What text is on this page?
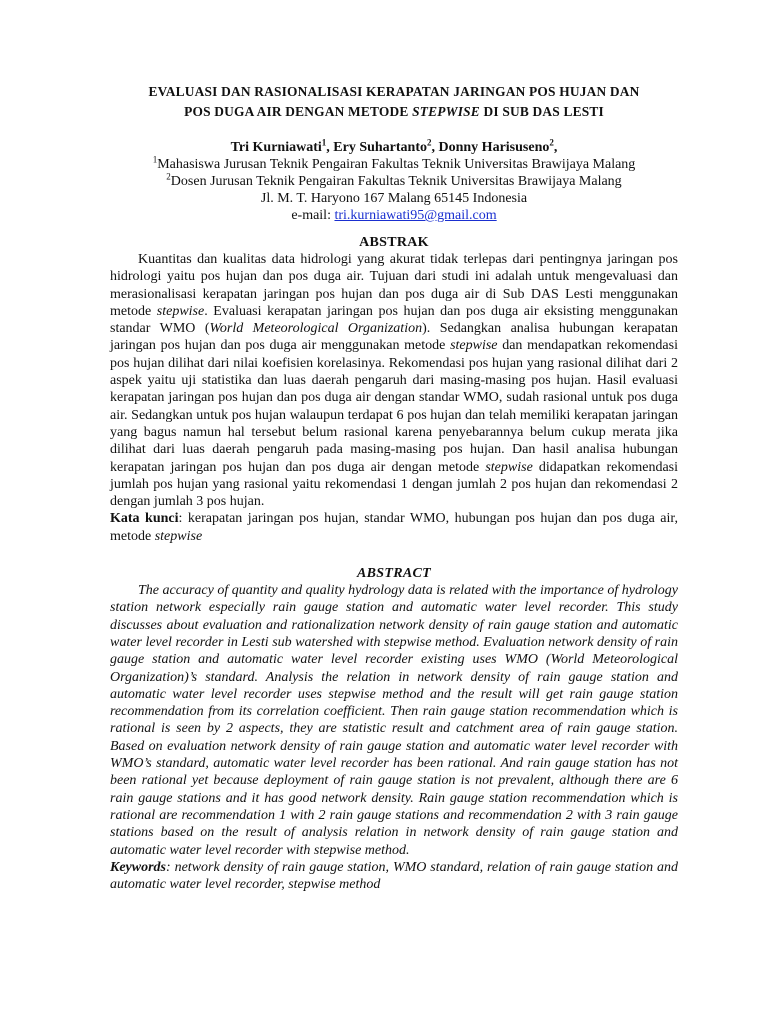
EVALUASI DAN RASIONALISASI KERAPATAN JARINGAN POS HUJAN DAN
POS DUGA AIR DENGAN METODE STEPWISE DI SUB DAS LESTI
Tri Kurniawati$^1$, Ery Suhartanto$^2$, Donny Harisuseno$^2$,
$^1$Mahasiswa Jurusan Teknik Pengairan Fakultas Teknik Universitas Brawijaya Malang
$^2$Dosen Jurusan Teknik Pengairan Fakultas Teknik Universitas Brawijaya Malang
Jl. M. T. Haryono 167 Malang 65145 Indonesia
e-mail: tri.kurniawati95@gmail.com
ABSTRAK

Kuantitas dan kualitas data hidrologi yang akurat tidak terlepas dari pentingnya jaringan pos hidrologi yaitu pos hujan dan pos duga air. Tujuan dari studi ini adalah untuk mengevaluasi dan merasionalisasi kerapatan jaringan pos hujan dan pos duga air di Sub DAS Lesti menggunakan metode stepwise. Evaluasi kerapatan jaringan pos hujan dan pos duga air eksisting menggunakan standar WMO (World Meteorological Organization). Sedangkan analisa hubungan kerapatan jaringan pos hujan dan pos duga air menggunakan metode stepwise dan mendapatkan rekomendasi pos hujan dilihat dari nilai koefisien korelasinya. Rekomendasi pos hujan yang rasional dilihat dari 2 aspek yaitu uji statistika dan luas daerah pengaruh dari masing-masing pos hujan. Hasil evaluasi kerapatan jaringan pos hujan dan pos duga air dengan standar WMO, sudah rasional untuk pos duga air. Sedangkan untuk pos hujan walaupun terdapat 6 pos hujan dan telah memiliki kerapatan jaringan yang bagus namun hal tersebut belum rasional karena penyebarannya belum cukup merata jika dilihat dari luas daerah pengaruh pada masing-masing pos hujan. Dan hasil analisa hubungan kerapatan jaringan pos hujan dan pos duga air dengan metode stepwise didapatkan rekomendasi jumlah pos hujan yang rasional yaitu rekomendasi 1 dengan jumlah 2 pos hujan dan rekomendasi 2 dengan jumlah 3 pos hujan.

Kata kunci: kerapatan jaringan pos hujan, standar WMO, hubungan pos hujan dan pos duga air, metode stepwise

ABSTRACT

The accuracy of quantity and quality hydrology data is related with the importance of hydrology station network especially rain gauge station and automatic water level recorder. This study discusses about evaluation and rationalization network density of rain gauge station and automatic water level recorder in Lesti sub watershed with stepwise method. Evaluation network density of rain gauge station and automatic water level recorder existing uses WMO (World Meteorological Organization)’s standard. Analysis the relation in network density of rain gauge station and automatic water level recorder uses stepwise method and the result will get rain gauge station recommendation from its correlation coefficient. Then rain gauge station recommendation which is rational is seen by 2 aspects, they are statistic result and catchment area of rain gauge station. Based on evaluation network density of rain gauge station and automatic water level recorder with WMO’s standard, automatic water level recorder has been rational. And rain gauge station has not been rational yet because deployment of rain gauge station is not prevalent, although there are 6 rain gauge stations and it has good network density. Rain gauge station recommendation which is rational are recommendation 1 with 2 rain gauge stations and recommendation 2 with 3 rain gauge stations based on the result of analysis relation in network density of rain gauge station and automatic water level recorder with stepwise method.

Keywords: network density of rain gauge station, WMO standard, relation of rain gauge station and automatic water level recorder, stepwise method
